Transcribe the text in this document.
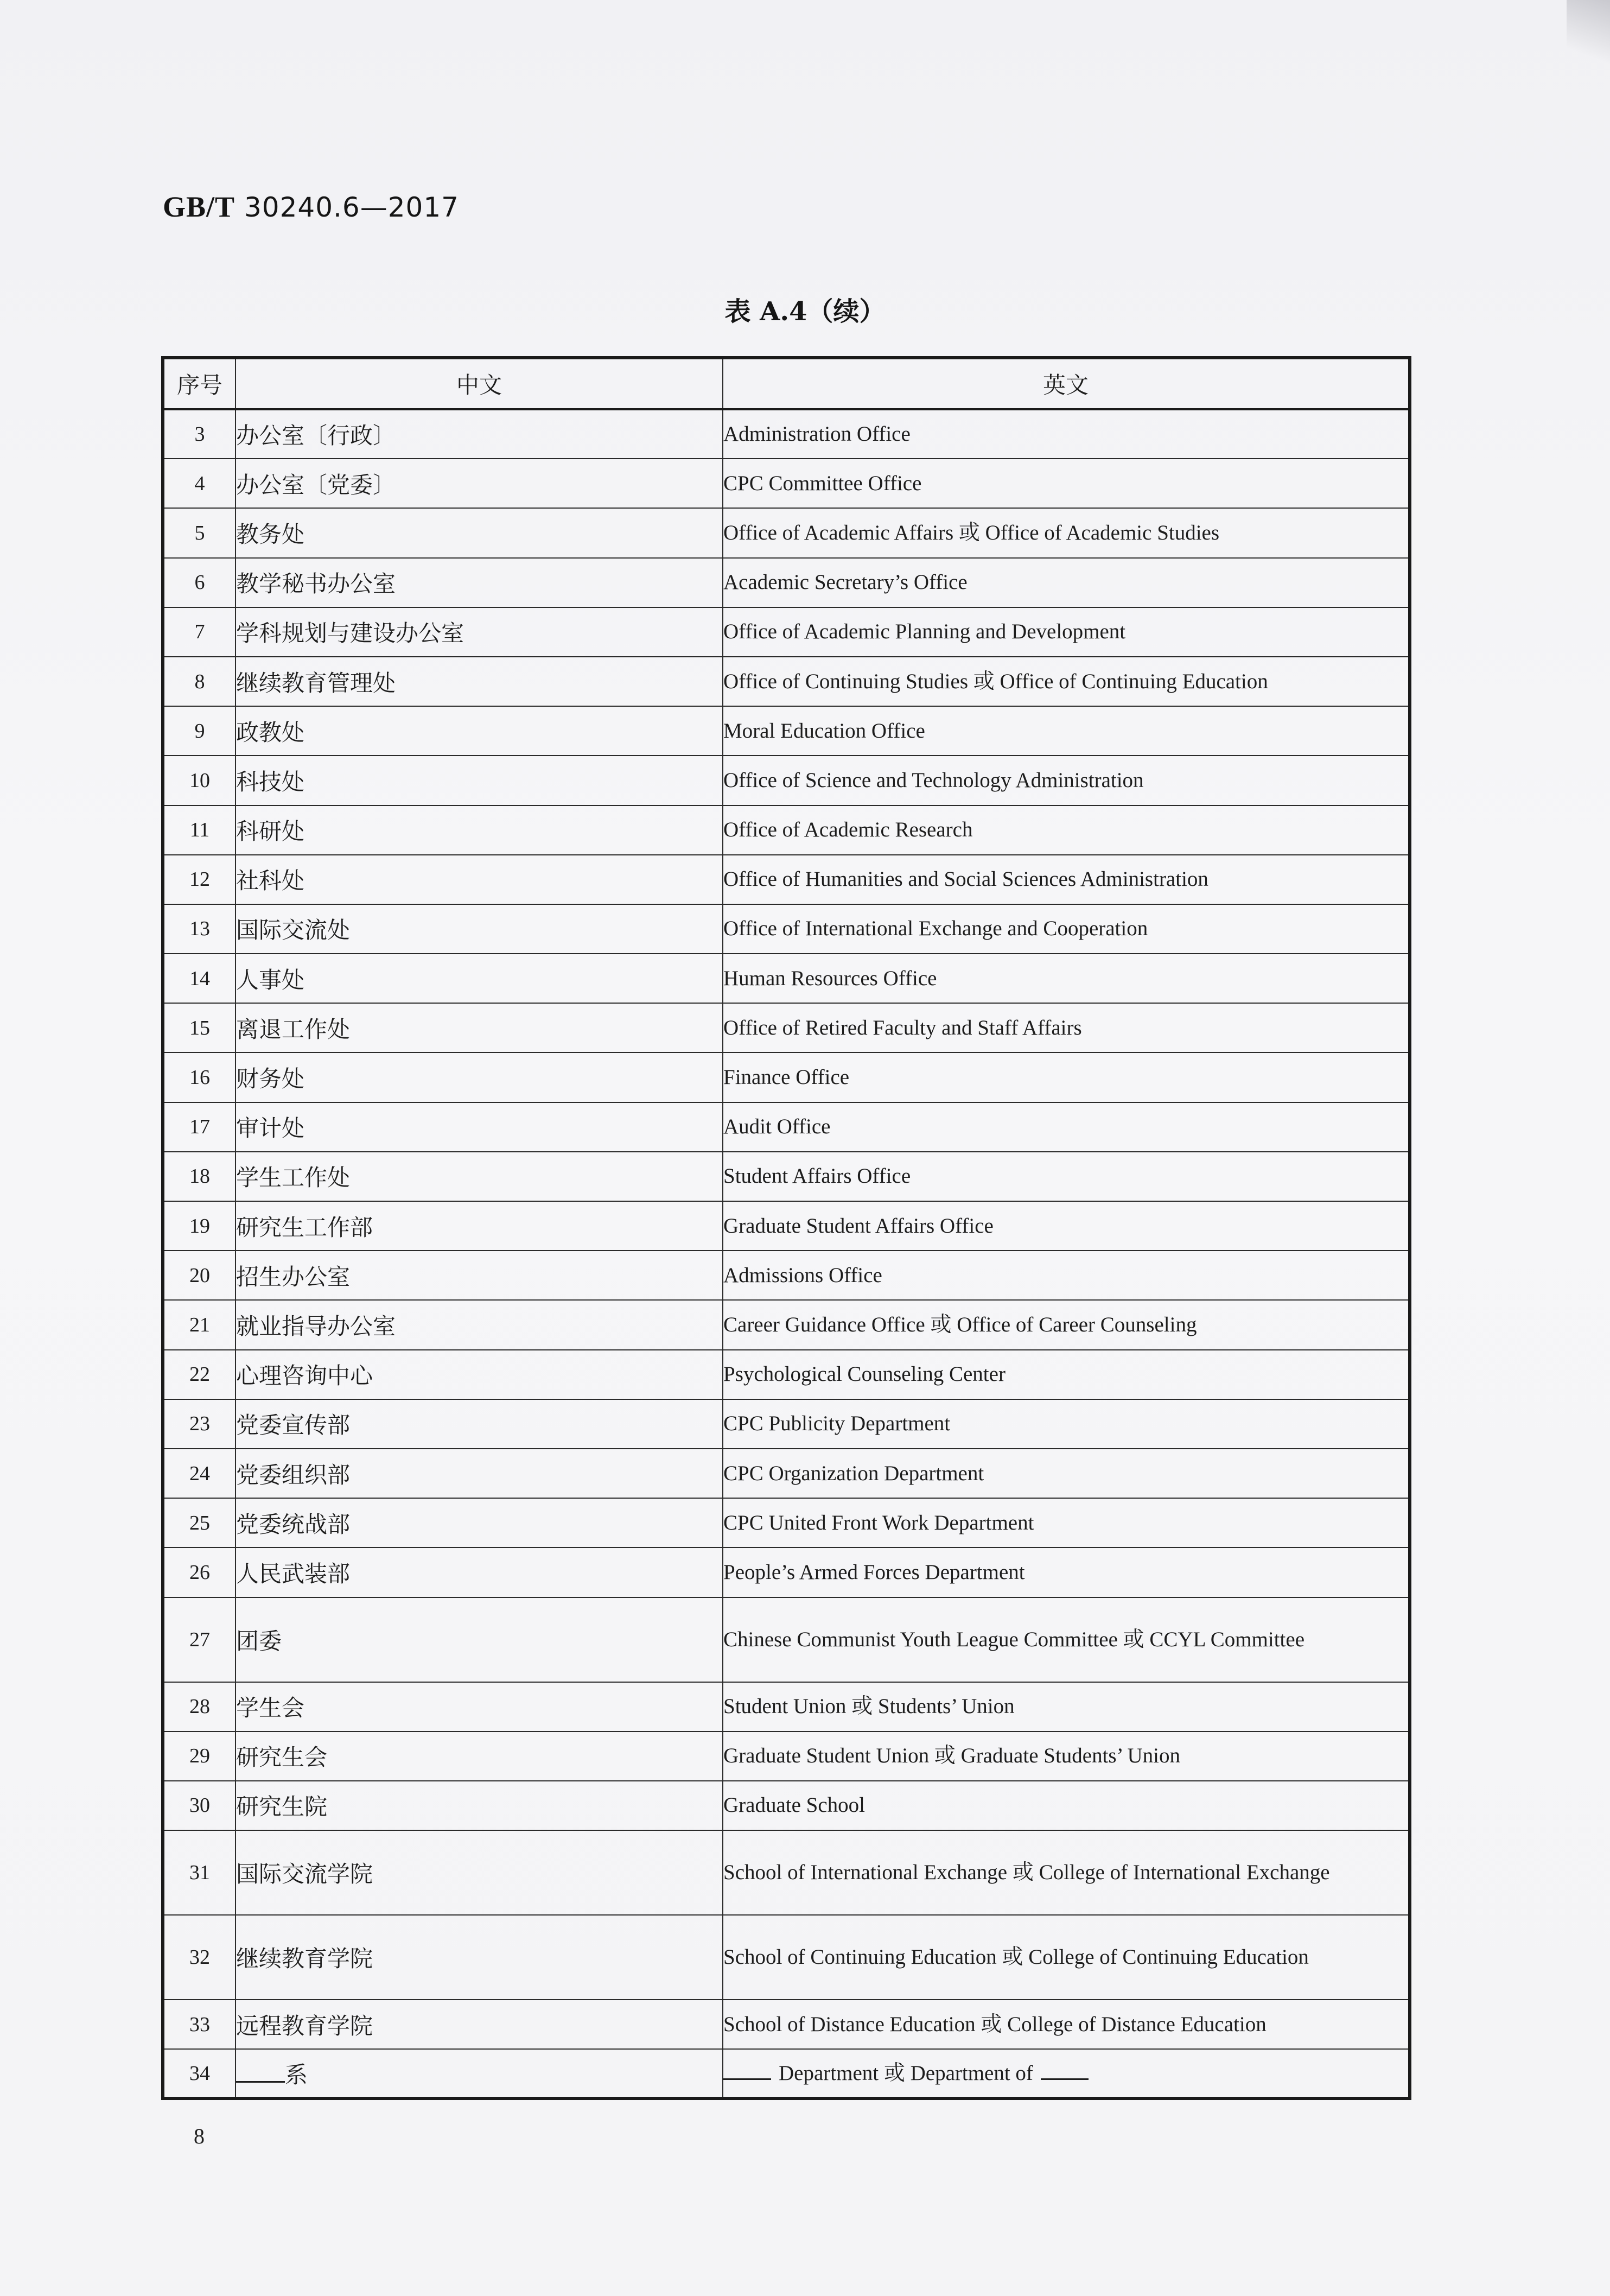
GB/T 30240.6—2017
表 A.4（续）
序号	中文	英文
3	办公室〔行政〕	Administration Office
4	办公室〔党委〕	CPC Committee Office
5	教务处	Office of Academic Affairs 或 Office of Academic Studies
6	教学秘书办公室	Academic Secretary’s Office
7	学科规划与建设办公室	Office of Academic Planning and Development
8	继续教育管理处	Office of Continuing Studies 或 Office of Continuing Education
9	政教处	Moral Education Office
10	科技处	Office of Science and Technology Administration
11	科研处	Office of Academic Research
12	社科处	Office of Humanities and Social Sciences Administration
13	国际交流处	Office of International Exchange and Cooperation
14	人事处	Human Resources Office
15	离退工作处	Office of Retired Faculty and Staff Affairs
16	财务处	Finance Office
17	审计处	Audit Office
18	学生工作处	Student Affairs Office
19	研究生工作部	Graduate Student Affairs Office
20	招生办公室	Admissions Office
21	就业指导办公室	Career Guidance Office 或 Office of Career Counseling
22	心理咨询中心	Psychological Counseling Center
23	党委宣传部	CPC Publicity Department
24	党委组织部	CPC Organization Department
25	党委统战部	CPC United Front Work Department
26	人民武装部	People’s Armed Forces Department
27	团委	Chinese Communist Youth League Committee 或 CCYL Committee
28	学生会	Student Union 或 Students’ Union
29	研究生会	Graduate Student Union 或 Graduate Students’ Union
30	研究生院	Graduate School
31	国际交流学院	School of International Exchange 或 College of International Exchange
32	继续教育学院	School of Continuing Education 或 College of Continuing Education
33	远程教育学院	School of Distance Education 或 College of Distance Education
34	系	Department 或 Department of
8
